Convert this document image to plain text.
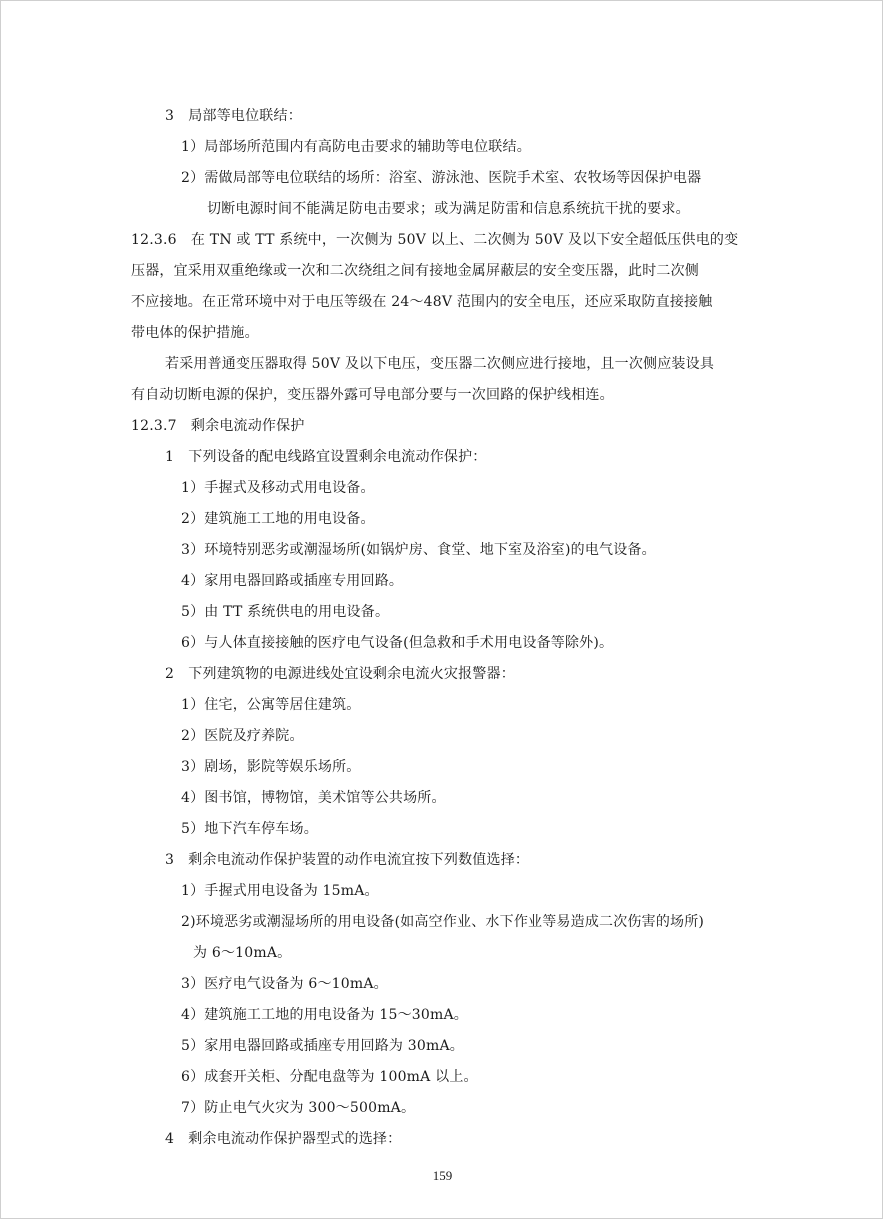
3　局部等电位联结：
1）局部场所范围内有高防电击要求的辅助等电位联结。
2）需做局部等电位联结的场所：浴室、游泳池、医院手术室、农牧场等因保护电器
切断电源时间不能满足防电击要求；或为满足防雷和信息系统抗干扰的要求。
12.3.6　在 TN 或 TT 系统中，一次侧为 50V 以上、二次侧为 50V 及以下安全超低压供电的变
压器，宜采用双重绝缘或一次和二次绕组之间有接地金属屏蔽层的安全变压器，此时二次侧
不应接地。在正常环境中对于电压等级在 24～48V 范围内的安全电压，还应采取防直接接触
带电体的保护措施。
若采用普通变压器取得 50V 及以下电压，变压器二次侧应进行接地，且一次侧应装设具
有自动切断电源的保护，变压器外露可导电部分要与一次回路的保护线相连。
12.3.7　剩余电流动作保护
1　下列设备的配电线路宜设置剩余电流动作保护：
1）手握式及移动式用电设备。
2）建筑施工工地的用电设备。
3）环境特别恶劣或潮湿场所(如锅炉房、食堂、地下室及浴室)的电气设备。
4）家用电器回路或插座专用回路。
5）由 TT 系统供电的用电设备。
6）与人体直接接触的医疗电气设备(但急救和手术用电设备等除外)。
2　下列建筑物的电源进线处宜设剩余电流火灾报警器：
1）住宅，公寓等居住建筑。
2）医院及疗养院。
3）剧场，影院等娱乐场所。
4）图书馆，博物馆，美术馆等公共场所。
5）地下汽车停车场。
3　剩余电流动作保护装置的动作电流宜按下列数值选择：
1）手握式用电设备为 15mA。
2)环境恶劣或潮湿场所的用电设备(如高空作业、水下作业等易造成二次伤害的场所)
为 6～10mA。
3）医疗电气设备为 6～10mA。
4）建筑施工工地的用电设备为 15～30mA。
5）家用电器回路或插座专用回路为 30mA。
6）成套开关柜、分配电盘等为 100mA 以上。
7）防止电气火灾为 300～500mA。
4　剩余电流动作保护器型式的选择：
159
